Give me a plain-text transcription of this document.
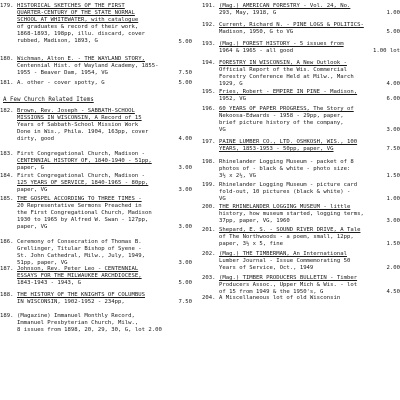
179. HISTORICAL SKETCHES OF THE FIRST
QUARTER-CENTURY OF THE STATE NORMAL
SCHOOL AT WHITEWATER, with catalogue
of graduates & record of their work,
1868-1893, 198pp, illu. discard, cover
rubbed, Madison, 1893, G	5.00
180. Wichman, Alton E. - THE WAYLAND STORY,
Centennial Hist. of Wayland Academy, 1855-
1955 - Beaver Dam, 1954, VG	7.50
181. A. other - cover spotty, G	5.00
A Few Church Related Items
182. Brown, Rev. Joseph - SABBATH-SCHOOL
MISSIONS IN WISCONSIN, A Record of 15
Years of Sabbath-School Mission Work
Done in Wis., Phila. 1904, 163pp, cover
dirty, good	4.00
183. First Congregational Church, Madison -
CENTENNIAL HISTORY OF, 1840-1940 - 51pp,
paper, G	3.00
184. First Congregational Church, Madison -
125 YEARS OF SERVICE, 1840-1965 - 80pp,
paper, VG	3.00
185. THE GOSPEL ACCORDING TO THREE TIMES -
20 Representative Sermons Preached in
the First Congregational Church, Madison
1930 to 1965 by Alfred W. Swan - 127pp,
paper, VG	3.00
186. Ceremony of Consecration of Thomas B.
Grellinger, Titular Bishop of Syene -
St. John Cathedral, Milw., July, 1949,
51pp, paper, VG	3.00
187. Johnson, Rev. Peter Leo - CENTENNIAL
ESSAYS FOR THE MILWAUKEE ARCHDIOCESE,
1843-1943 - 1943, G	5.00
188. THE HISTORY OF THE KNIGHTS OF COLUMBUS
IN WISCONSIN, 1902-1952 - 234pp,	7.50
189. (Magazine) Immanuel Monthly Record,
Immanuel Presbyterian Church, Milw.,
8 issues from 1898, 20, 29, 30, G, lot 2.00
191. (Mag.) AMERICAN FORESTRY - Vol. 24, No.
293, May, 1918, G	1.00
192. Current, Richard N. - PINE LOGS & POLITICS-
Madison, 1950, G to VG	5.00
193. (Mag.) FOREST HISTORY - 5 issues from
1964 & 1965 - all good	1.00 lot
194. FORESTRY IN WISCONSIN, A New Outlook -
Official Report of the Wis. Commercial
Forestry Conference Held at Milw., March
1929, G	4.00
195. Fries, Robert - EMPIRE IN PINE - Madison,
1952, VG	6.00
196. 60 YEARS OF PAPER PROGRESS, The Story of
Nekoosa-Edwards - 1958 - 29pp, paper,
brief picture history of the company,
VG	3.00
197. PAINE LUMBER CO., LTD. OSHKOSH, WIS., 100
YEARS, 1853-1953 - 50pp, paper, VG	7.50
198. Rhinelander Logging Museum - packet of 8
photos of - black & white - photo size:
3½ x 2½, VG	1.50
199. Rhinelander Logging Museum - picture card
fold-out, 10 pictures (black & white) -
VG	1.00
200. THE RHINELANDER LOGGING MUSEUM - little
history, how museum started, logging terms,
37pp, paper, VG, 1960	3.00
201. Shepard, E. S. - SOUND RIVER DRIVE, A Tale
of The Northwoods - a poem, small, 12pp,
paper, 3½ x 5, fine	1.50
202. (Mag.) THE TIMBERMAN, An International
Lumber Journal - Issue Commemorating 50
Years of Service, Oct., 1949	2.00
203. (Mag.) TIMBER PRODUCERS BULLETIN - Timber
Producers Assoc., Upper Mich & Wis. - lot
of 15 from 1949 & the 1950's, G	4.50
204. A Miscellaneous lot of old Wisconsin
